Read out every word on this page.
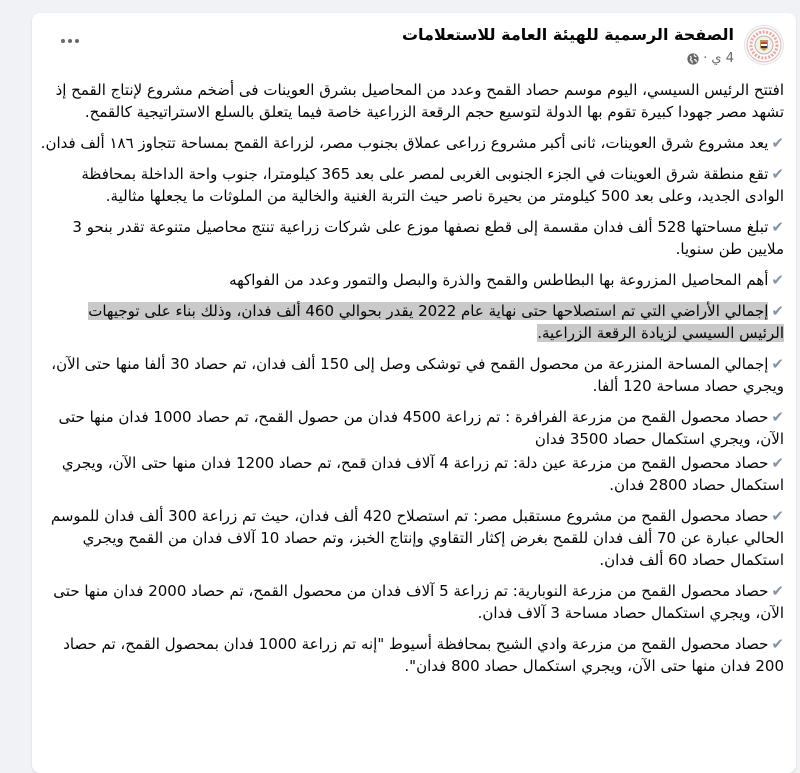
الصفحة الرسمية للهيئة العامة للاستعلامات
4 ي
·

افتتح الرئيس السيسي، اليوم موسم حصاد القمح وعدد من المحاصيل بشرق العوينات فى أضخم مشروع لإنتاج القمح إذ تشهد مصر جهودا كبيرة تقوم بها الدولة لتوسيع حجم الرقعة الزراعية خاصة فيما يتعلق بالسلع الاستراتيجية كالقمح.

✔يعد مشروع شرق العوينات، ثانى أكبر مشروع زراعى عملاق بجنوب مصر، لزراعة القمح بمساحة تتجاوز ١٨٦ ألف فدان.

✔تقع منطقة شرق العوينات في الجزء الجنوبى الغربى لمصر على بعد 365 كيلومترا، جنوب واحة الداخلة بمحافظة الوادى الجديد، وعلى بعد 500 كيلومتر من بحيرة ناصر حيث التربة الغنية والخالية من الملوثات ما يجعلها مثالية.

✔تبلغ مساحتها 528 ألف فدان مقسمة إلى قطع نصفها موزع على شركات زراعية تنتج محاصيل متنوعة تقدر بنحو 3 ملايين طن سنويا.

✔أهم المحاصيل المزروعة بها البطاطس والقمح والذرة والبصل والتمور وعدد من الفواكهه

✔إجمالي الأراضي التي تم استصلاحها حتى نهاية عام 2022 يقدر بحوالي 460 ألف فدان، وذلك بناء على توجيهات الرئيس السيسي لزيادة الرقعة الزراعية.

✔إجمالي المساحة المنزرعة من محصول القمح في توشكى وصل إلى 150 ألف فدان، تم حصاد 30 ألفا منها حتى الآن، ويجري حصاد مساحة 120 ألفا.

✔حصاد محصول القمح من مزرعة الفرافرة : تم زراعة 4500 فدان من حصول القمح، تم حصاد 1000 فدان منها حتى الآن، ويجري استكمال حصاد 3500 فدان

✔حصاد محصول القمح من مزرعة عين دلة: تم زراعة 4 آلاف فدان قمح، تم حصاد 1200 فدان منها حتى الآن، ويجري استكمال حصاد 2800 فدان.

✔حصاد محصول القمح من مشروع مستقبل مصر: تم استصلاح 420 ألف فدان، حيث تم زراعة 300 ألف فدان للموسم الحالي عبارة عن 70 ألف فدان للقمح بغرض إكثار التقاوي وإنتاج الخبز، وتم حصاد 10 آلاف فدان من القمح ويجري استكمال حصاد 60 ألف فدان.

✔حصاد محصول القمح من مزرعة النوبارية: تم زراعة 5 آلاف فدان من محصول القمح، تم حصاد 2000 فدان منها حتى الآن، ويجري استكمال حصاد مساحة 3 آلاف فدان.

✔حصاد محصول القمح من مزرعة وادي الشيح بمحافظة أسيوط "إنه تم زراعة 1000 فدان بمحصول القمح، تم حصاد 200 فدان منها حتى الآن، ويجري استكمال حصاد 800 فدان".
